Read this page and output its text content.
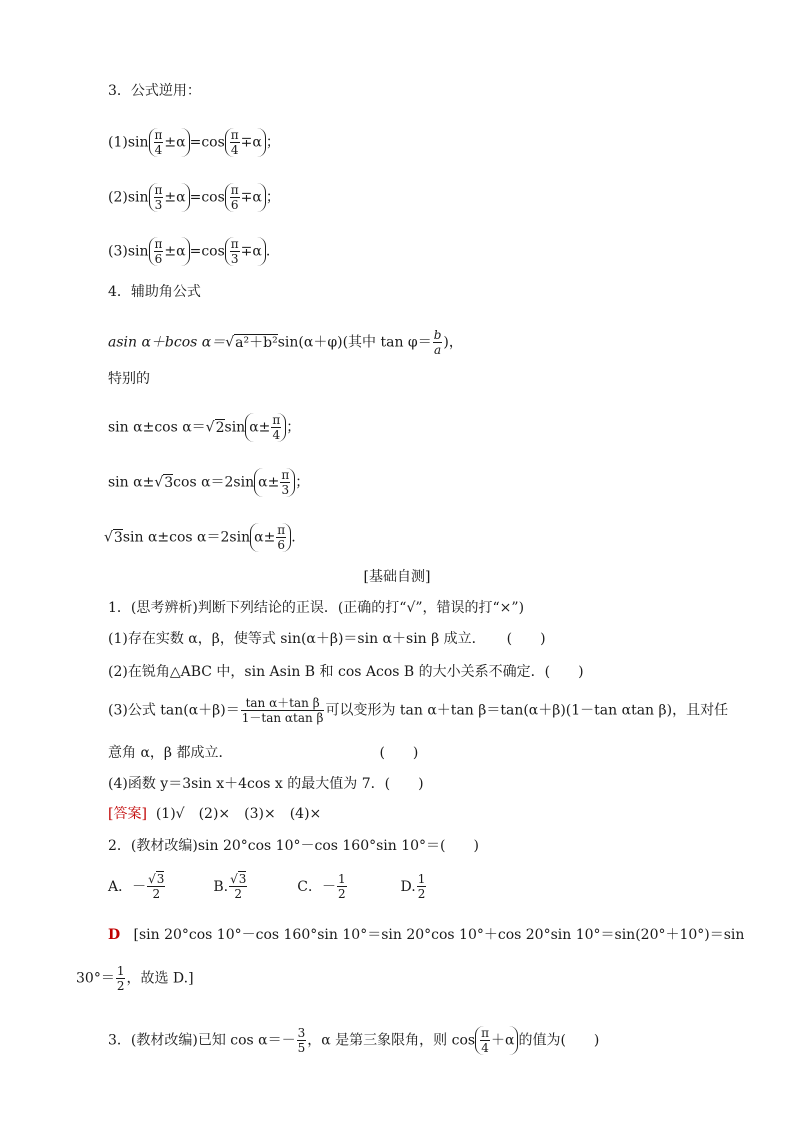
3．公式逆用：
$(1)\sin \frac{\pi}{4} \pm\alpha =\cos \frac{\pi}{4} \mp\alpha$ ；
$(2)\sin \frac{\pi}{3} \pm\alpha =\cos \frac{\pi}{6} \mp\alpha$ ；
$(3)\sin \frac{\pi}{6} \pm\alpha =\cos \frac{\pi}{3} \mp\alpha$ .
4．辅助角公式
asin α＋bcos α＝√a²＋b²sin(α＋φ)(其中 $\tan \varphi= \frac{b}{a}$ )，
特别的
sin α±cos α＝√2sin $\alpha\pm \frac{\pi}{4}$ ；
sin α±√3cos α＝2sin $\alpha\pm \frac{\pi}{3}$ ；
√3sin α±cos α＝2sin $\alpha\pm \frac{\pi}{6}$ .
[基础自测]
1．(思考辨析)判断下列结论的正误．(正确的打“√”，错误的打“×”)
(1)存在实数 α，β，使等式 sin(α＋β)＝sin α＋sin β 成立．　　(　　)
(2)在锐角△ABC 中，sin Asin B 和 cos Acos B 的大小关系不确定．(　　)
(3)公式 $\tan(\alpha+\beta)= \frac{\text{tan α＋tan β}}{\text{1－tan αtan β}}$ 可以变形为 tan α＋tan β＝tan(α＋β)(1－tan αtan β)，且对任
意角 α，β 都成立．　　　　　　　　　　　(　　)
(4)函数 y＝3sin x＋4cos x 的最大值为 7．(　　)
[答案] (1)√　(2)×　(3)×　(4)×
2．(教材改编)sin 20°cos 10°－cos 160°sin 10°＝(　　)
A．－ $\frac{√3}{2}$	B. $\frac{√3}{2}$	C．－ $\frac{1}{2}$	D. $\frac{1}{2}$
D [sin 20°cos 10°－cos 160°sin 10°＝sin 20°cos 10°＋cos 20°sin 10°＝sin(20°＋10°)＝sin
$30^\circ= \frac{1}{2}$ ，故选 D.]
3．(教材改编)已知 $\cos \alpha=- \frac{3}{5}$ ，α 是第三象限角，则 $\cos \frac{\pi}{4} +\alpha$ 的值为(　　)
